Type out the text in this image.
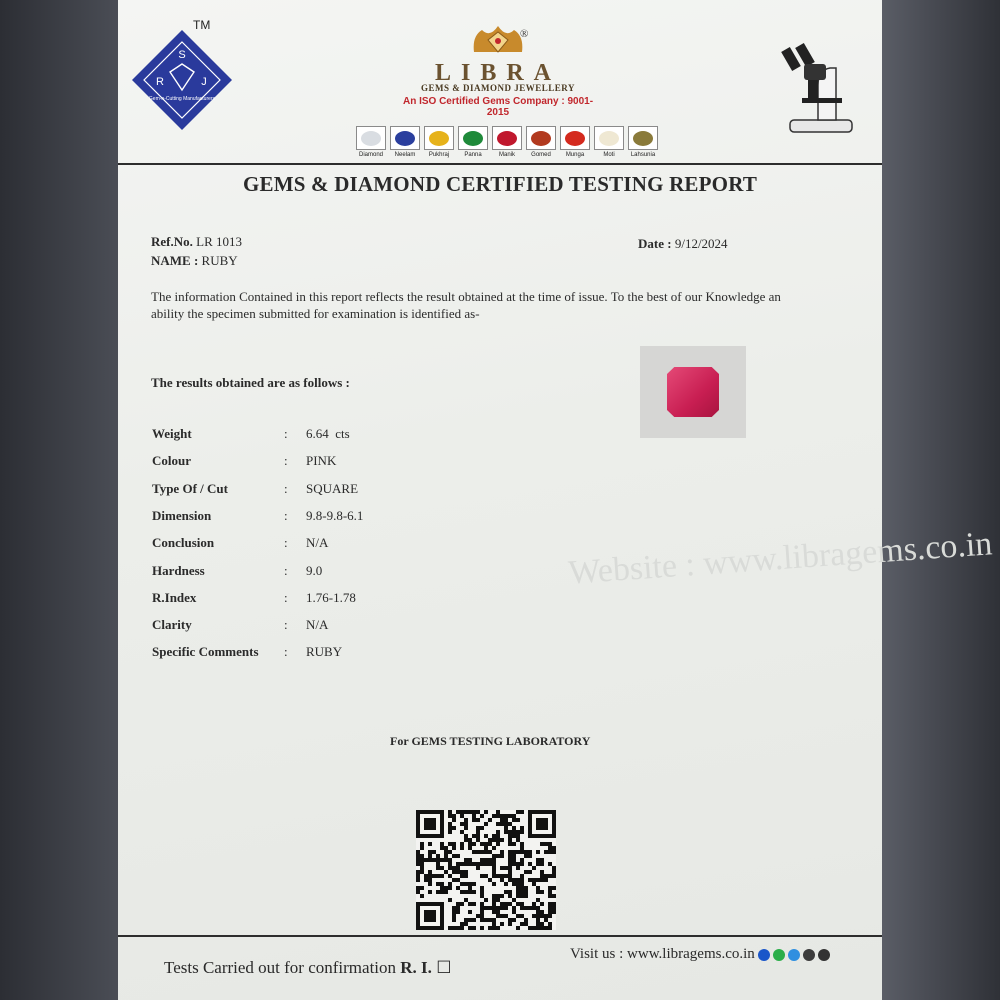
Website : www.libragems.co.in
S
R	J
Gem-n-Cutting Manufacturers
TM
LIBRA
GEMS & DIAMOND JEWELLERY
An ISO Certified Gems Company : 9001-2015
®
Diamond Neelam Pukhraj	Panna	Manik	Gomed Munga	Moti	Lahsunia
GEMS & DIAMOND CERTIFIED TESTING REPORT
Ref.No. LR 1013
NAME : RUBY
Date : 9/12/2024
The information Contained in this report reflects the result obtained at the time of issue. To the best of our Knowledge an ability the specimen submitted for examination is identified as-
The results obtained are as follows :
Weight	:	6.64
cts
Colour	:	PINK
Type Of / Cut	:	SQUARE
Dimension	:	9.8-9.8-6.1
Conclusion	:	N/A
Hardness	:	9.0
R.Index	:	1.76-1.78
Clarity	:	N/A
Specific Comments	:	RUBY
For GEMS TESTING LABORATORY
Tests Carried out for confirmation R. I. ☐
Visit us : www.libragems.co.in
